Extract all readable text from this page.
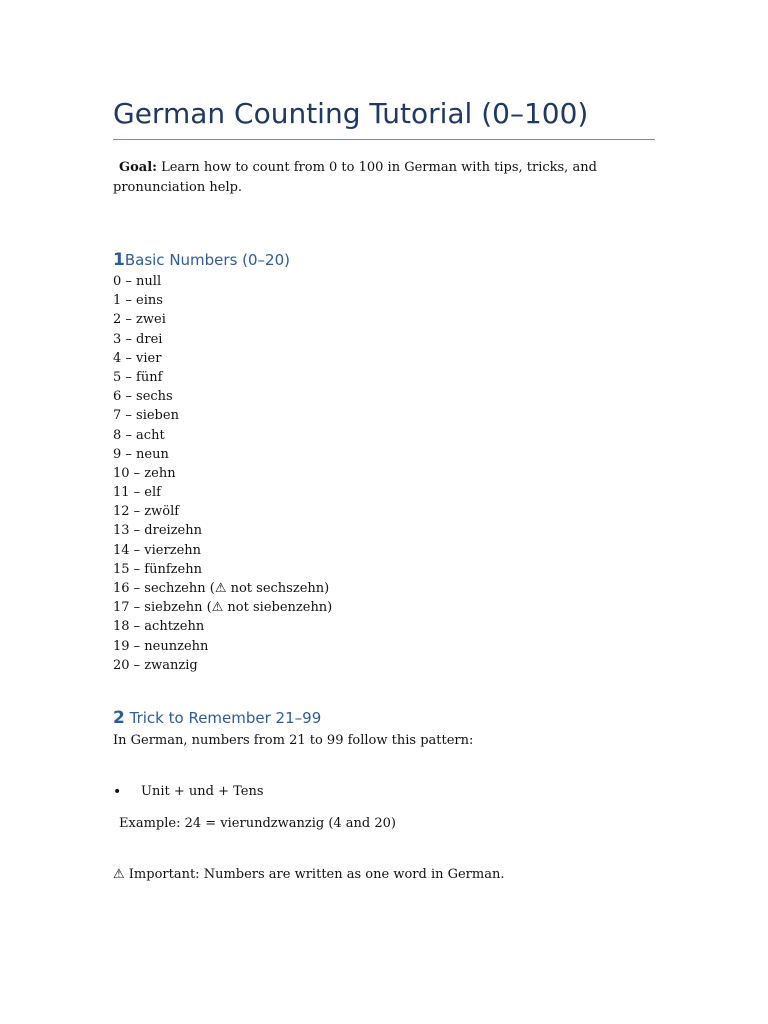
German Counting Tutorial (0–100)
Goal: Learn how to count from 0 to 100 in German with tips, tricks, and pronunciation help.
1Basic Numbers (0–20)
0 – null
1 – eins
2 – zwei
3 – drei
4 – vier
5 – fünf
6 – sechs
7 – sieben
8 – acht
9 – neun
10 – zehn
11 – elf
12 – zwölf
13 – dreizehn
14 – vierzehn
15 – fünfzehn
16 – sechzehn (⚠ not sechszehn)
17 – siebzehn (⚠ not siebenzehn)
18 – achtzehn
19 – neunzehn
20 – zwanzig
2 Trick to Remember 21–99
In German, numbers from 21 to 99 follow this pattern:
• Unit + und + Tens
Example: 24 = vierundzwanzig (4 and 20)
⚠ Important: Numbers are written as one word in German.
